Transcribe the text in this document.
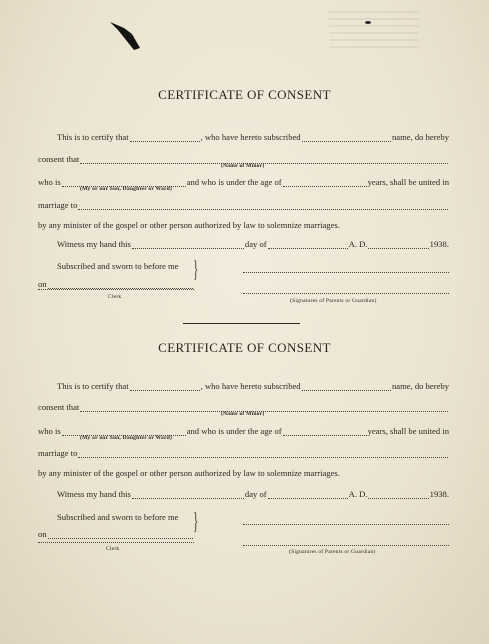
CERTIFICATE OF CONSENT
This is to certify that	, who have hereto subscribed	name, do hereby
consent that
(Name of Minor)
who is	and who is under the age of	years, shall be united in
(My or our Son, Daughter or Ward)
marriage to
by any minister of the gospel or other person authorized by law to solemnize marriages.
Witness my hand this	day of	A. D.	1938.
Subscribed and sworn to before me
on
Clerk
}
(Signatures of Parents or Guardian)
CERTIFICATE OF CONSENT
This is to certify that	, who have hereto subscribed	name, do hereby
consent that
(Name of Minor)
who is	and who is under the age of	years, shall be united in
(My or our Son, Daughter or Ward)
marriage to
by any minister of the gospel or other person authorized by law to solemnize marriages.
Witness my hand this	day of	A. D.	1938.
Subscribed and sworn to before me
on
Clerk
}
(Signatures of Parents or Guardian)
